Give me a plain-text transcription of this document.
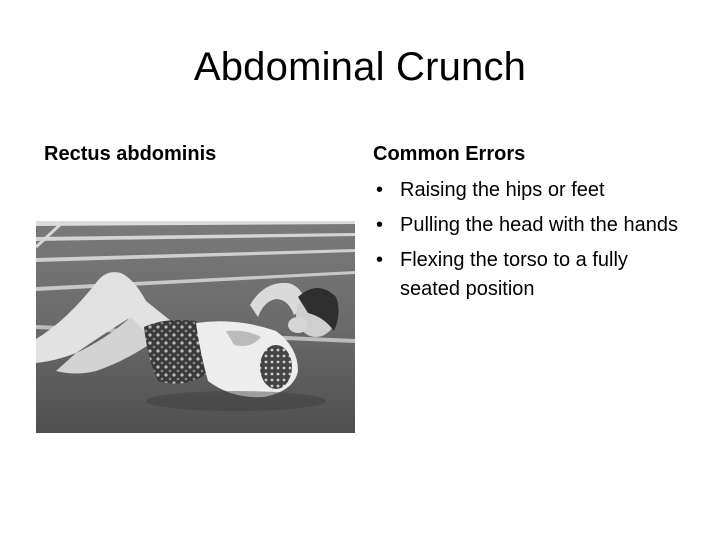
Abdominal Crunch
Rectus abdominis	Common Errors
• Raising the hips or feet
• Pulling the head with the hands
• Flexing the torso to a fully seated position
